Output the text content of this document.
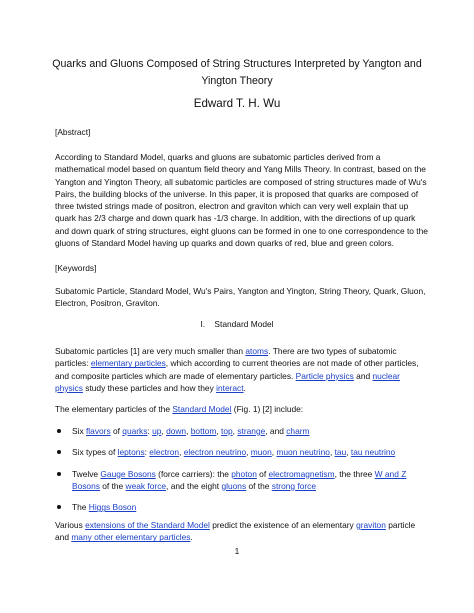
Quarks and Gluons Composed of String Structures Interpreted by Yangton and Yington Theory
Edward T. H. Wu

[Abstract]

According to Standard Model, quarks and gluons are subatomic particles derived from a mathematical model based on quantum field theory and Yang Mills Theory. In contrast, based on the Yangton and Yington Theory, all subatomic particles are composed of string structures made of Wu's Pairs, the building blocks of the universe. In this paper, it is proposed that quarks are composed of three twisted strings made of positron, electron and graviton which can very well explain that up quark has 2/3 charge and down quark has -1/3 charge. In addition, with the directions of up quark and down quark of string structures, eight gluons can be formed in one to one correspondence to the gluons of Standard Model having up quarks and down quarks of red, blue and green colors.

[Keywords]

Subatomic Particle, Standard Model, Wu's Pairs, Yangton and Yington, String Theory, Quark, Gluon, Electron, Positron, Graviton.

I.    Standard Model

Subatomic particles [1] are very much smaller than atoms. There are two types of subatomic particles: elementary particles, which according to current theories are not made of other particles, and composite particles which are made of elementary particles. Particle physics and nuclear physics study these particles and how they interact.

The elementary particles of the Standard Model (Fig. 1) [2] include:

Six flavors of quarks: up, down, bottom, top, strange, and charm
Six types of leptons: electron, electron neutrino, muon, muon neutrino, tau, tau neutrino
Twelve Gauge Bosons (force carriers): the photon of electromagnetism, the three W and Z Bosons of the weak force, and the eight gluons of the strong force
The Higgs Boson

Various extensions of the Standard Model predict the existence of an elementary graviton particle and many other elementary particles.

1
